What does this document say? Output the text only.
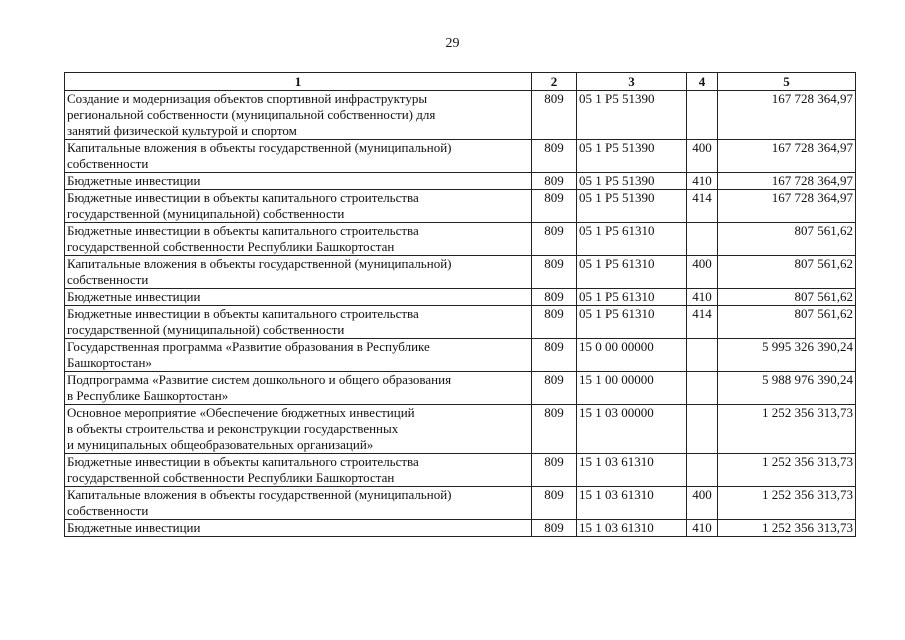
29
1	2	3	4	5
Создание и модернизация объектов спортивной инфраструктуры
региональной собственности (муниципальной собственности) для
занятий физической культурой и спортом	809	05 1 P5 51390		167 728 364,97
Капитальные вложения в объекты государственной (муниципальной)
собственности	809	05 1 P5 51390	400	167 728 364,97
Бюджетные инвестиции	809	05 1 P5 51390	410	167 728 364,97
Бюджетные инвестиции в объекты капитального строительства
государственной (муниципальной) собственности	809	05 1 P5 51390	414	167 728 364,97
Бюджетные инвестиции в объекты капитального строительства
государственной собственности Республики Башкортостан	809	05 1 P5 61310		807 561,62
Капитальные вложения в объекты государственной (муниципальной)
собственности	809	05 1 P5 61310	400	807 561,62
Бюджетные инвестиции	809	05 1 P5 61310	410	807 561,62
Бюджетные инвестиции в объекты капитального строительства
государственной (муниципальной) собственности	809	05 1 P5 61310	414	807 561,62
Государственная программа «Развитие образования в Республике
Башкортостан»	809	15 0 00 00000		5 995 326 390,24
Подпрограмма «Развитие систем дошкольного и общего образования
в Республике Башкортостан»	809	15 1 00 00000		5 988 976 390,24
Основное мероприятие «Обеспечение бюджетных инвестиций
в объекты строительства и реконструкции государственных
и муниципальных общеобразовательных организаций»	809	15 1 03 00000		1 252 356 313,73
Бюджетные инвестиции в объекты капитального строительства
государственной собственности Республики Башкортостан	809	15 1 03 61310		1 252 356 313,73
Капитальные вложения в объекты государственной (муниципальной)
собственности	809	15 1 03 61310	400	1 252 356 313,73
Бюджетные инвестиции	809	15 1 03 61310	410	1 252 356 313,73
